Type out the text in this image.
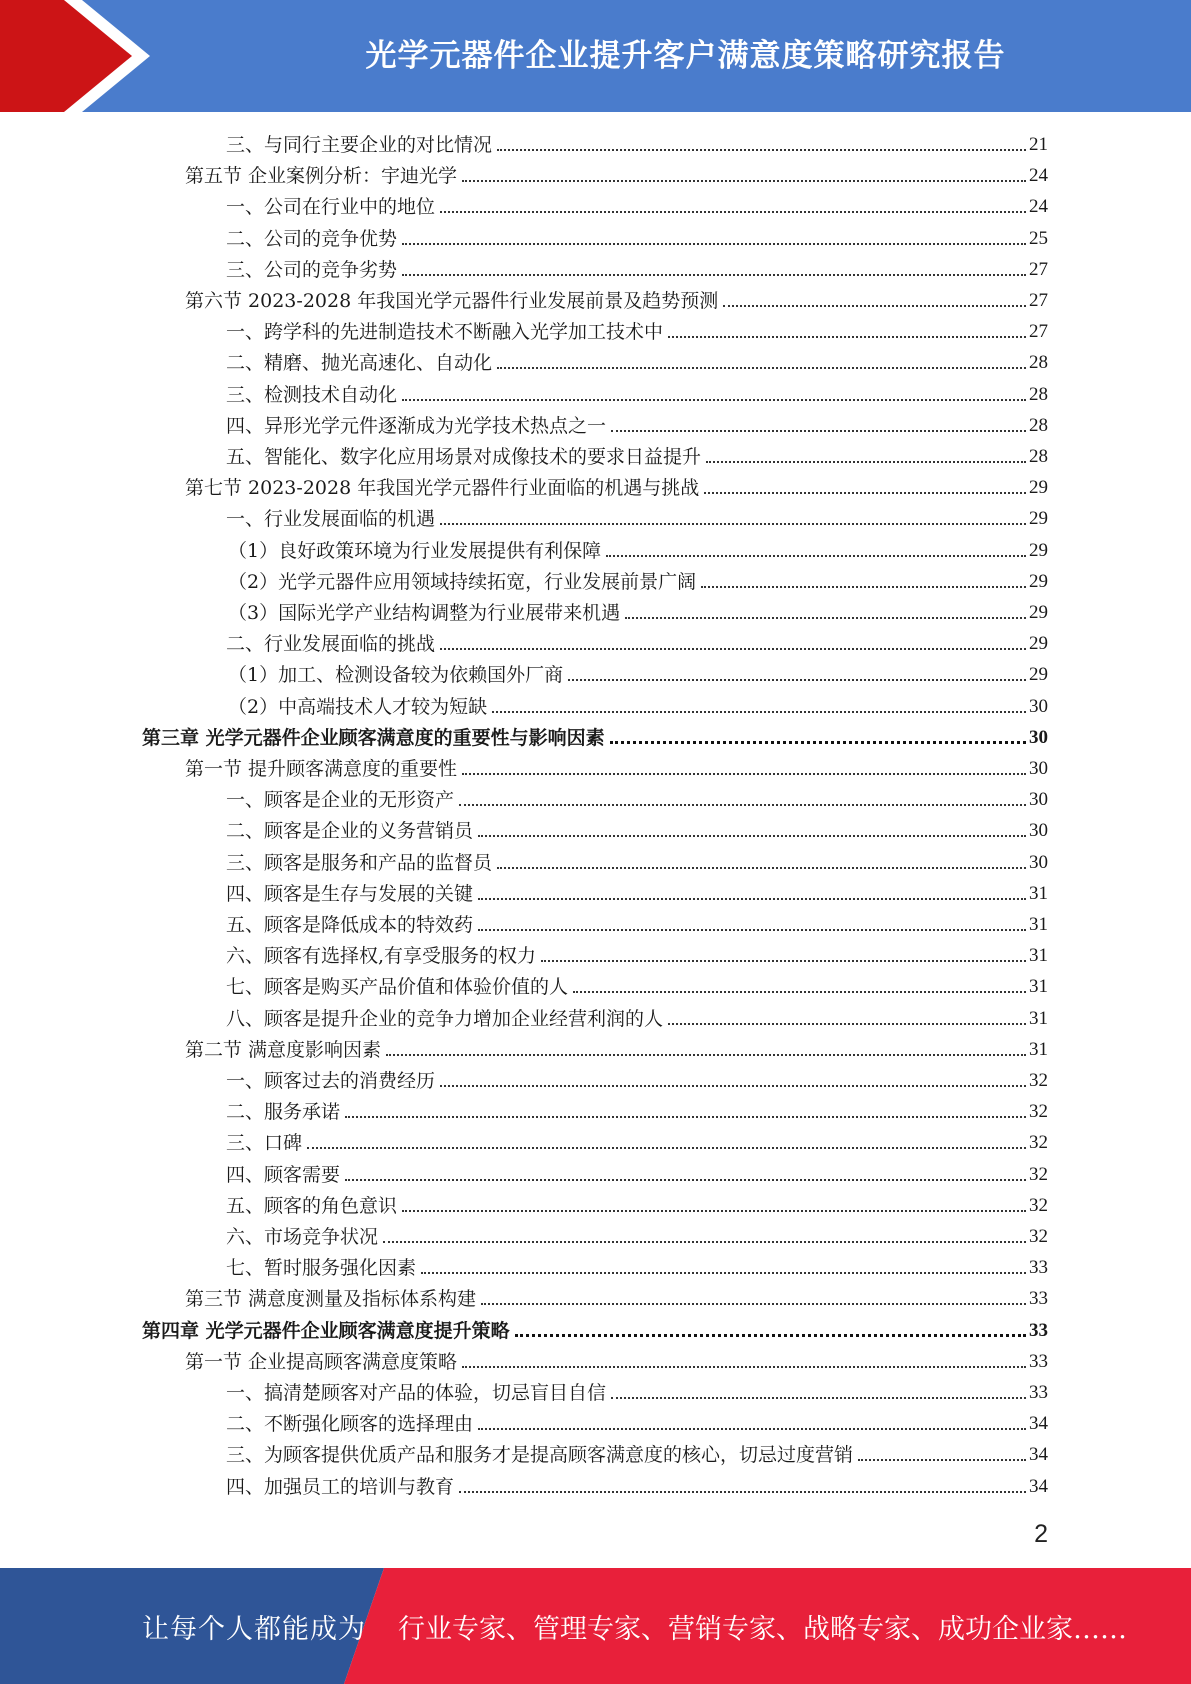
光学元器件企业提升客户满意度策略研究报告
三、与同行主要企业的对比情况	21
第五节 企业案例分析：宇迪光学	24
一、公司在行业中的地位	24
二、公司的竞争优势	25
三、公司的竞争劣势	27
第六节 2023-2028 年我国光学元器件行业发展前景及趋势预测	27
一、跨学科的先进制造技术不断融入光学加工技术中	27
二、精磨、抛光高速化、自动化	28
三、检测技术自动化	28
四、异形光学元件逐渐成为光学技术热点之一	28
五、智能化、数字化应用场景对成像技术的要求日益提升	28
第七节 2023-2028 年我国光学元器件行业面临的机遇与挑战	29
一、行业发展面临的机遇	29
（1）良好政策环境为行业发展提供有利保障	29
（2）光学元器件应用领域持续拓宽，行业发展前景广阔	29
（3）国际光学产业结构调整为行业展带来机遇	29
二、行业发展面临的挑战	29
（1）加工、检测设备较为依赖国外厂商	29
（2）中高端技术人才较为短缺	30
第三章 光学元器件企业顾客满意度的重要性与影响因素	30
第一节 提升顾客满意度的重要性	30
一、顾客是企业的无形资产	30
二、顾客是企业的义务营销员	30
三、顾客是服务和产品的监督员	30
四、顾客是生存与发展的关键	31
五、顾客是降低成本的特效药	31
六、顾客有选择权,有享受服务的权力	31
七、顾客是购买产品价值和体验价值的人	31
八、顾客是提升企业的竞争力增加企业经营利润的人	31
第二节 满意度影响因素	31
一、顾客过去的消费经历	32
二、服务承诺	32
三、口碑	32
四、顾客需要	32
五、顾客的角色意识	32
六、市场竞争状况	32
七、暂时服务强化因素	33
第三节 满意度测量及指标体系构建	33
第四章 光学元器件企业顾客满意度提升策略	33
第一节 企业提高顾客满意度策略	33
一、搞清楚顾客对产品的体验，切忌盲目自信	33
二、不断强化顾客的选择理由	34
三、为顾客提供优质产品和服务才是提高顾客满意度的核心，切忌过度营销	34
四、加强员工的培训与教育	34
2
让每个人都能成为 行业专家、管理专家、营销专家、战略专家、成功企业家……
